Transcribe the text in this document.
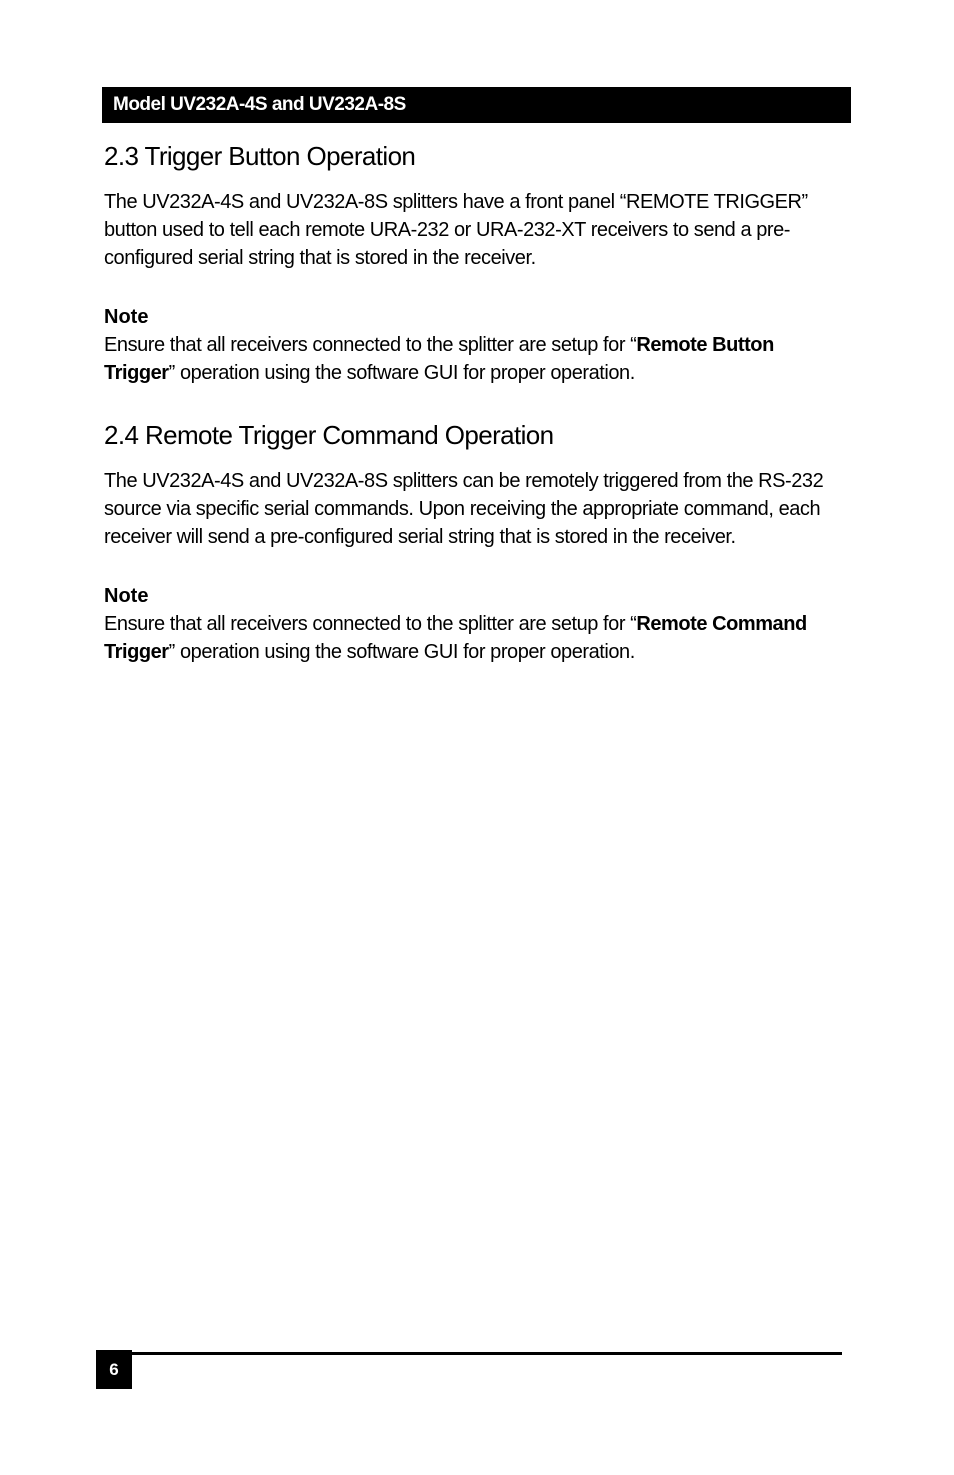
Model UV232A-4S and UV232A-8S
2.3 Trigger Button Operation

The UV232A-4S and UV232A-8S splitters have a front panel “REMOTE TRIGGER” button used to tell each remote URA-232 or URA-232-XT receivers to send a pre-configured serial string that is stored in the receiver.

Note
Ensure that all receivers connected to the splitter are setup for “Remote Button Trigger” operation using the software GUI for proper operation.
2.4 Remote Trigger Command Operation

The UV232A-4S and UV232A-8S splitters can be remotely triggered from the RS-232 source via specific serial commands. Upon receiving the appropriate command, each receiver will send a pre-configured serial string that is stored in the receiver.

Note
Ensure that all receivers connected to the splitter are setup for “Remote Command Trigger” operation using the software GUI for proper operation.
6
